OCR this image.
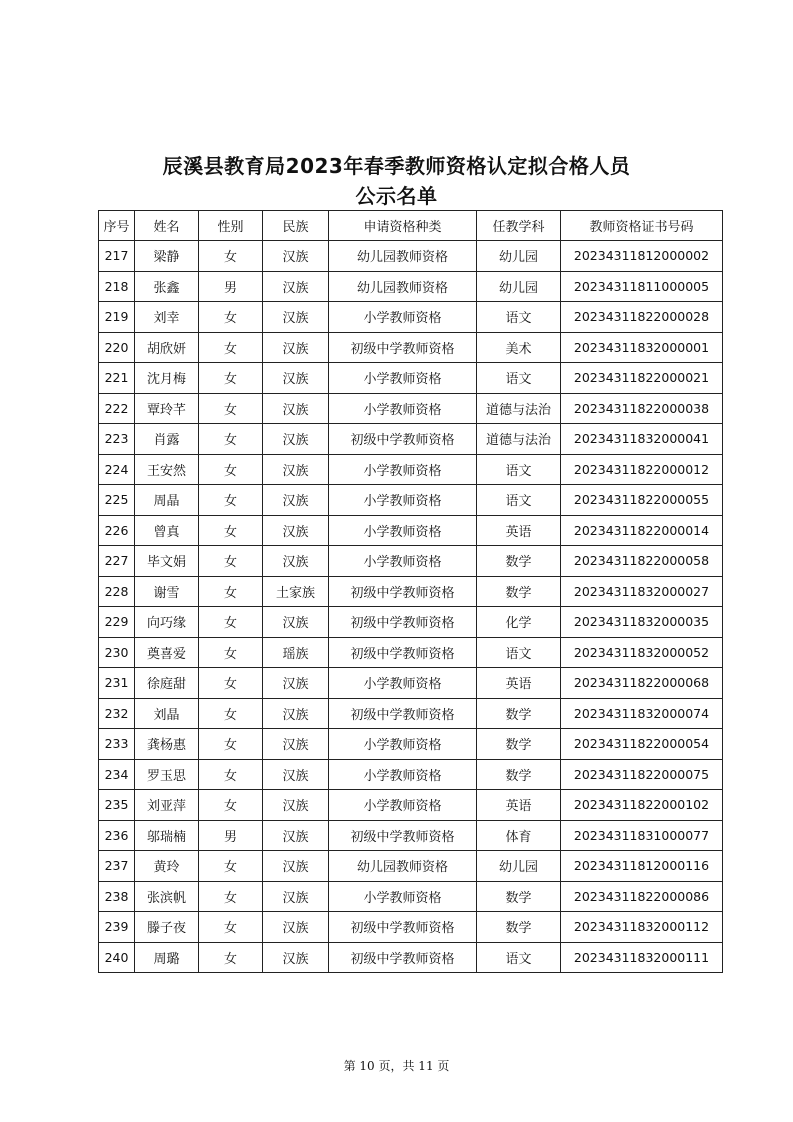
辰溪县教育局2023年春季教师资格认定拟合格人员
公示名单
序号	姓名	性别	民族	申请资格种类	任教学科	教师资格证书号码
217	梁静	女	汉族	幼儿园教师资格	幼儿园	20234311812000002
218	张鑫	男	汉族	幼儿园教师资格	幼儿园	20234311811000005
219	刘幸	女	汉族	小学教师资格	语文	20234311822000028
220	胡欣妍	女	汉族	初级中学教师资格	美术	20234311832000001
221	沈月梅	女	汉族	小学教师资格	语文	20234311822000021
222	覃玲芊	女	汉族	小学教师资格	道德与法治	20234311822000038
223	肖露	女	汉族	初级中学教师资格	道德与法治	20234311832000041
224	王安然	女	汉族	小学教师资格	语文	20234311822000012
225	周晶	女	汉族	小学教师资格	语文	20234311822000055
226	曾真	女	汉族	小学教师资格	英语	20234311822000014
227	毕文娟	女	汉族	小学教师资格	数学	20234311822000058
228	谢雪	女	土家族	初级中学教师资格	数学	20234311832000027
229	向巧缘	女	汉族	初级中学教师资格	化学	20234311832000035
230	奠喜爱	女	瑶族	初级中学教师资格	语文	20234311832000052
231	徐庭甜	女	汉族	小学教师资格	英语	20234311822000068
232	刘晶	女	汉族	初级中学教师资格	数学	20234311832000074
233	龚杨惠	女	汉族	小学教师资格	数学	20234311822000054
234	罗玉思	女	汉族	小学教师资格	数学	20234311822000075
235	刘亚萍	女	汉族	小学教师资格	英语	20234311822000102
236	邬瑞楠	男	汉族	初级中学教师资格	体育	20234311831000077
237	黄玲	女	汉族	幼儿园教师资格	幼儿园	20234311812000116
238	张滨帆	女	汉族	小学教师资格	数学	20234311822000086
239	滕子夜	女	汉族	初级中学教师资格	数学	20234311832000112
240	周璐	女	汉族	初级中学教师资格	语文	20234311832000111
第 10 页，共 11 页
